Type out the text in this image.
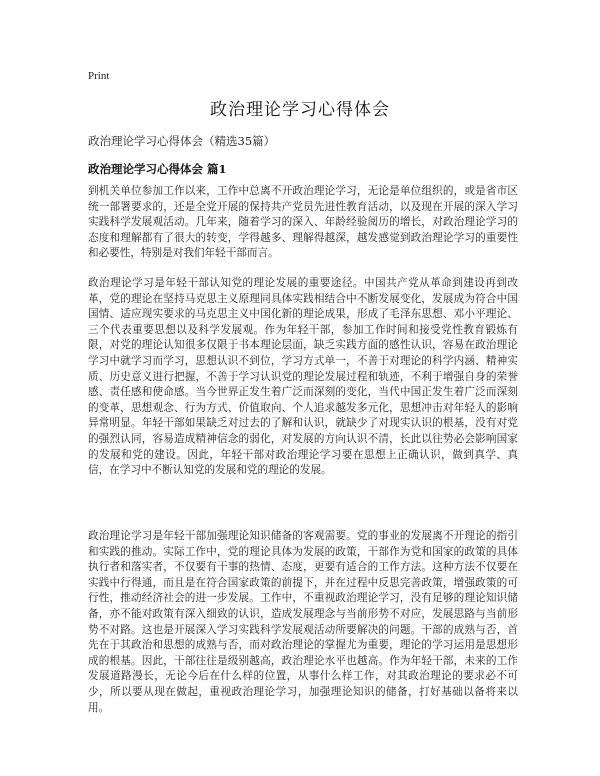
Print
政治理论学习心得体会
政治理论学习心得体会（精选35篇）
政治理论学习心得体会 篇1

到机关单位参加工作以来，工作中总离不开政治理论学习，无论是单位组织的，或是省市区统一部署要求的，还是全党开展的保持共产党员先进性教育活动，以及现在开展的深入学习实践科学发展观活动。几年来，随着学习的深入、年龄经验阅历的增长，对政治理论学习的态度和理解都有了很大的转变，学得越多、理解得越深，越发感觉到政治理论学习的重要性和必要性，特别是对我们年轻干部而言。

政治理论学习是年轻干部认知党的理论发展的重要途径。中国共产党从革命到建设再到改革，党的理论在坚持马克思主义原理同具体实践相结合中不断发展变化，发展成为符合中国国情、适应现实要求的马克思主义中国化新的理论成果，形成了毛泽东思想、邓小平理论、三个代表重要思想以及科学发展观。作为年轻干部，参加工作时间和接受党性教育锻炼有限，对党的理论认知很多仅限于书本理论层面，缺乏实践方面的感性认识，容易在政治理论学习中就学习而学习，思想认识不到位，学习方式单一，不善于对理论的科学内涵、精神实质、历史意义进行把握，不善于学习认识党的理论发展过程和轨迹，不利于增强自身的荣誉感、责任感和使命感。当今世界正发生着广泛而深刻的变化，当代中国正发生着广泛而深刻的变革，思想观念、行为方式、价值取向、个人追求越发多元化，思想冲击对年轻人的影响异常明显。年轻干部如果缺乏对过去的了解和认识，就缺少了对现实认识的根基，没有对党的强烈认同，容易造成精神信念的弱化，对发展的方向认识不清，长此以往势必会影响国家的发展和党的建设。因此，年轻干部对政治理论学习要在思想上正确认识，做到真学、真信，在学习中不断认知党的发展和党的理论的发展。

政治理论学习是年轻干部加强理论知识储备的客观需要。党的事业的发展离不开理论的指引和实践的推动。实际工作中，党的理论具体为发展的政策，干部作为党和国家的政策的具体执行者和落实者，不仅要有干事的热情、态度，更要有适合的工作方法。这种方法不仅要在实践中行得通，而且是在符合国家政策的前提下，并在过程中反思完善政策，增强政策的可行性，推动经济社会的进一步发展。工作中，不重视政治理论学习，没有足够的理论知识储备，亦不能对政策有深入细致的认识，造成发展理念与当前形势不对应，发展思路与当前形势不对路。这也是开展深入学习实践科学发展观活动所要解决的问题。干部的成熟与否，首先在于其政治和思想的成熟与否，而对政治理论的掌握尤为重要，理论的学习运用是思想形成的根基。因此，干部往往是级别越高，政治理论水平也越高。作为年轻干部，未来的工作发展道路漫长，无论今后在什么样的位置，从事什么样工作，对其政治理论的要求必不可少，所以要从现在做起，重视政治理论学习，加强理论知识的储备，打好基础以备将来以用。
